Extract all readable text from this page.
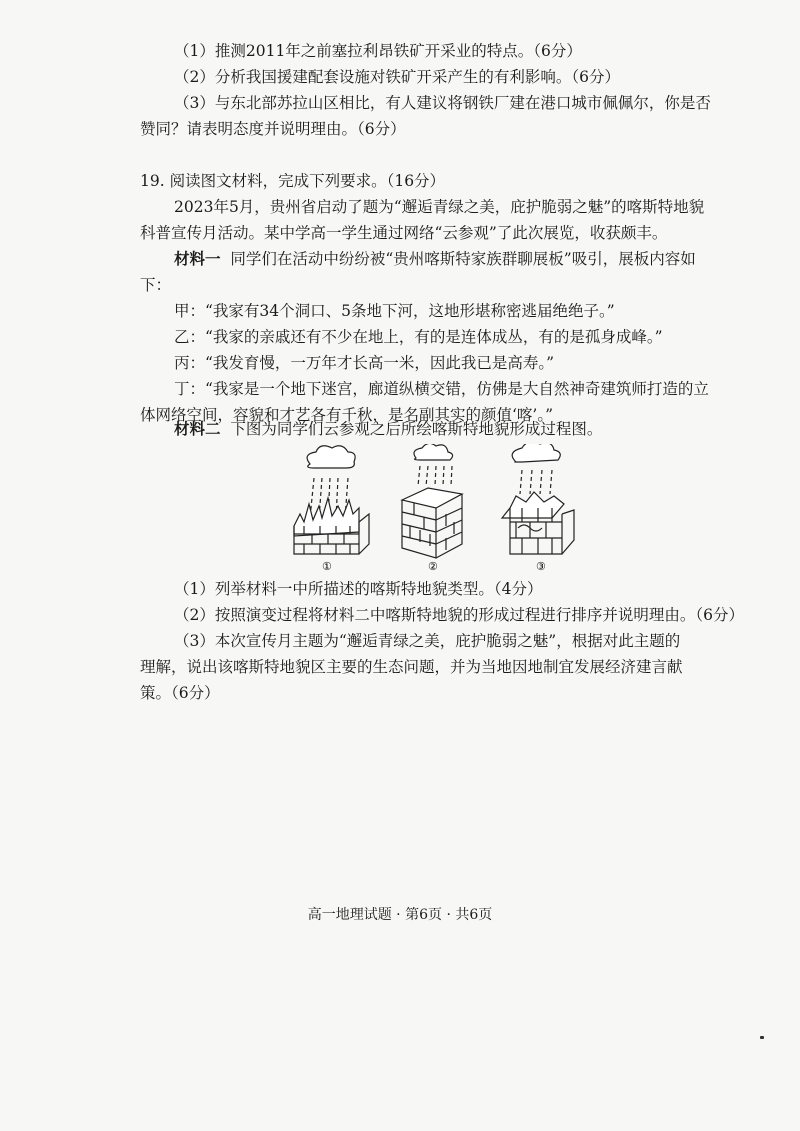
（1）推测2011年之前塞拉利昂铁矿开采业的特点。（6分）
（2）分析我国援建配套设施对铁矿开采产生的有利影响。（6分）
（3）与东北部苏拉山区相比，有人建议将钢铁厂建在港口城市佩佩尔，你是否
赞同？请表明态度并说明理由。（6分）
19. 阅读图文材料，完成下列要求。（16分）
2023年5月，贵州省启动了题为“邂逅青绿之美，庇护脆弱之魅”的喀斯特地貌
科普宣传月活动。某中学高一学生通过网络“云参观”了此次展览，收获颇丰。
材料一 同学们在活动中纷纷被“贵州喀斯特家族群聊展板”吸引，展板内容如
下：
甲：“我家有34个洞口、5条地下河，这地形堪称密逃届绝绝子。”
乙：“我家的亲戚还有不少在地上，有的是连体成丛，有的是孤身成峰。”
丙：“我发育慢，一万年才长高一米，因此我已是高寿。”
丁：“我家是一个地下迷宫，廊道纵横交错，仿佛是大自然神奇建筑师打造的立
体网络空间，容貌和才艺各有千秋，是名副其实的颜值‘喀’。”
材料二 下图为同学们云参观之后所绘喀斯特地貌形成过程图。
①	②	③
（1）列举材料一中所描述的喀斯特地貌类型。（4分）
（2）按照演变过程将材料二中喀斯特地貌的形成过程进行排序并说明理由。（6分）
（3）本次宣传月主题为“邂逅青绿之美，庇护脆弱之魅”，根据对此主题的
理解，说出该喀斯特地貌区主要的生态问题，并为当地因地制宜发展经济建言献
策。（6分）
高一地理试题 · 第6页 · 共6页
